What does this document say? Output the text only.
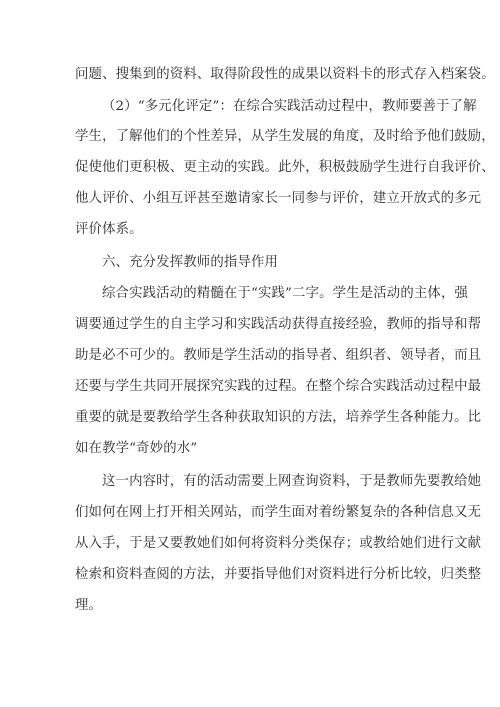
问题、搜集到的资料、取得阶段性的成果以资料卡的形式存入档案袋。
（2）“多元化评定”：在综合实践活动过程中，教师要善于了解
学生，了解他们的个性差异，从学生发展的角度，及时给予他们鼓励，
促使他们更积极、更主动的实践。此外，积极鼓励学生进行自我评价、
他人评价、小组互评甚至邀请家长一同参与评价，建立开放式的多元
评价体系。
六、充分发挥教师的指导作用
综合实践活动的精髓在于“实践”二字。学生是活动的主体，强
调要通过学生的自主学习和实践活动获得直接经验，教师的指导和帮
助是必不可少的。教师是学生活动的指导者、组织者、领导者，而且
还要与学生共同开展探究实践的过程。在整个综合实践活动过程中最
重要的就是要教给学生各种获取知识的方法，培养学生各种能力。比
如在教学“奇妙的水”
这一内容时，有的活动需要上网查询资料，于是教师先要教给她
们如何在网上打开相关网站，而学生面对着纷繁复杂的各种信息又无
从入手，于是又要教她们如何将资料分类保存；或教给她们进行文献
检索和资料查阅的方法，并要指导他们对资料进行分析比较，归类整
理。
